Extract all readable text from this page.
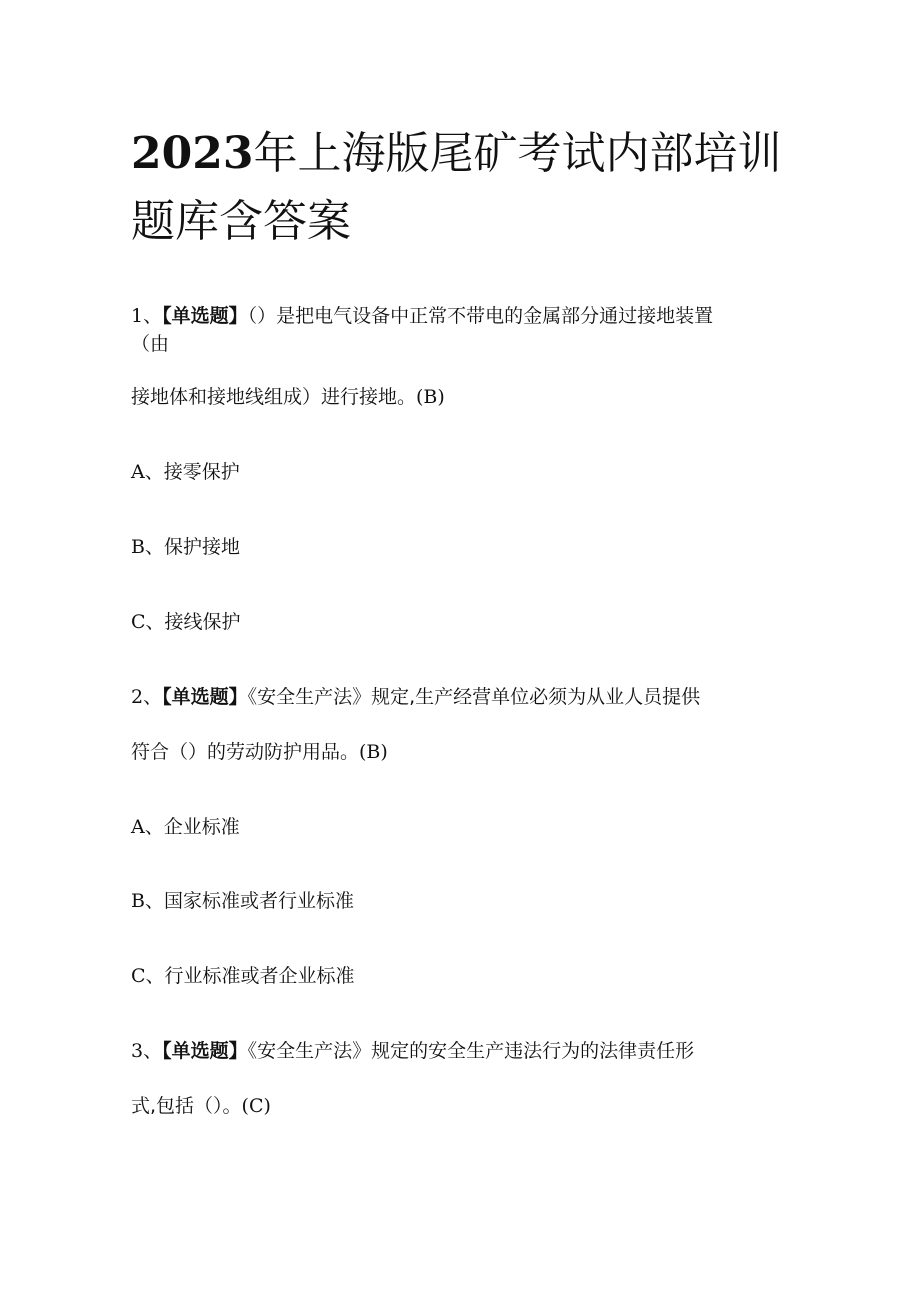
2023年上海版尾矿考试内部培训
题库含答案
1、【单选题】（）是把电气设备中正常不带电的金属部分通过接地装置
（由
接地体和接地线组成）进行接地。(B)
A、接零保护
B、保护接地
C、接线保护
2、【单选题】《安全生产法》规定,生产经营单位必须为从业人员提供
符合（）的劳动防护用品。(B)
A、企业标准
B、国家标准或者行业标准
C、行业标准或者企业标准
3、【单选题】《安全生产法》规定的安全生产违法行为的法律责任形
式,包括（）。(C)
